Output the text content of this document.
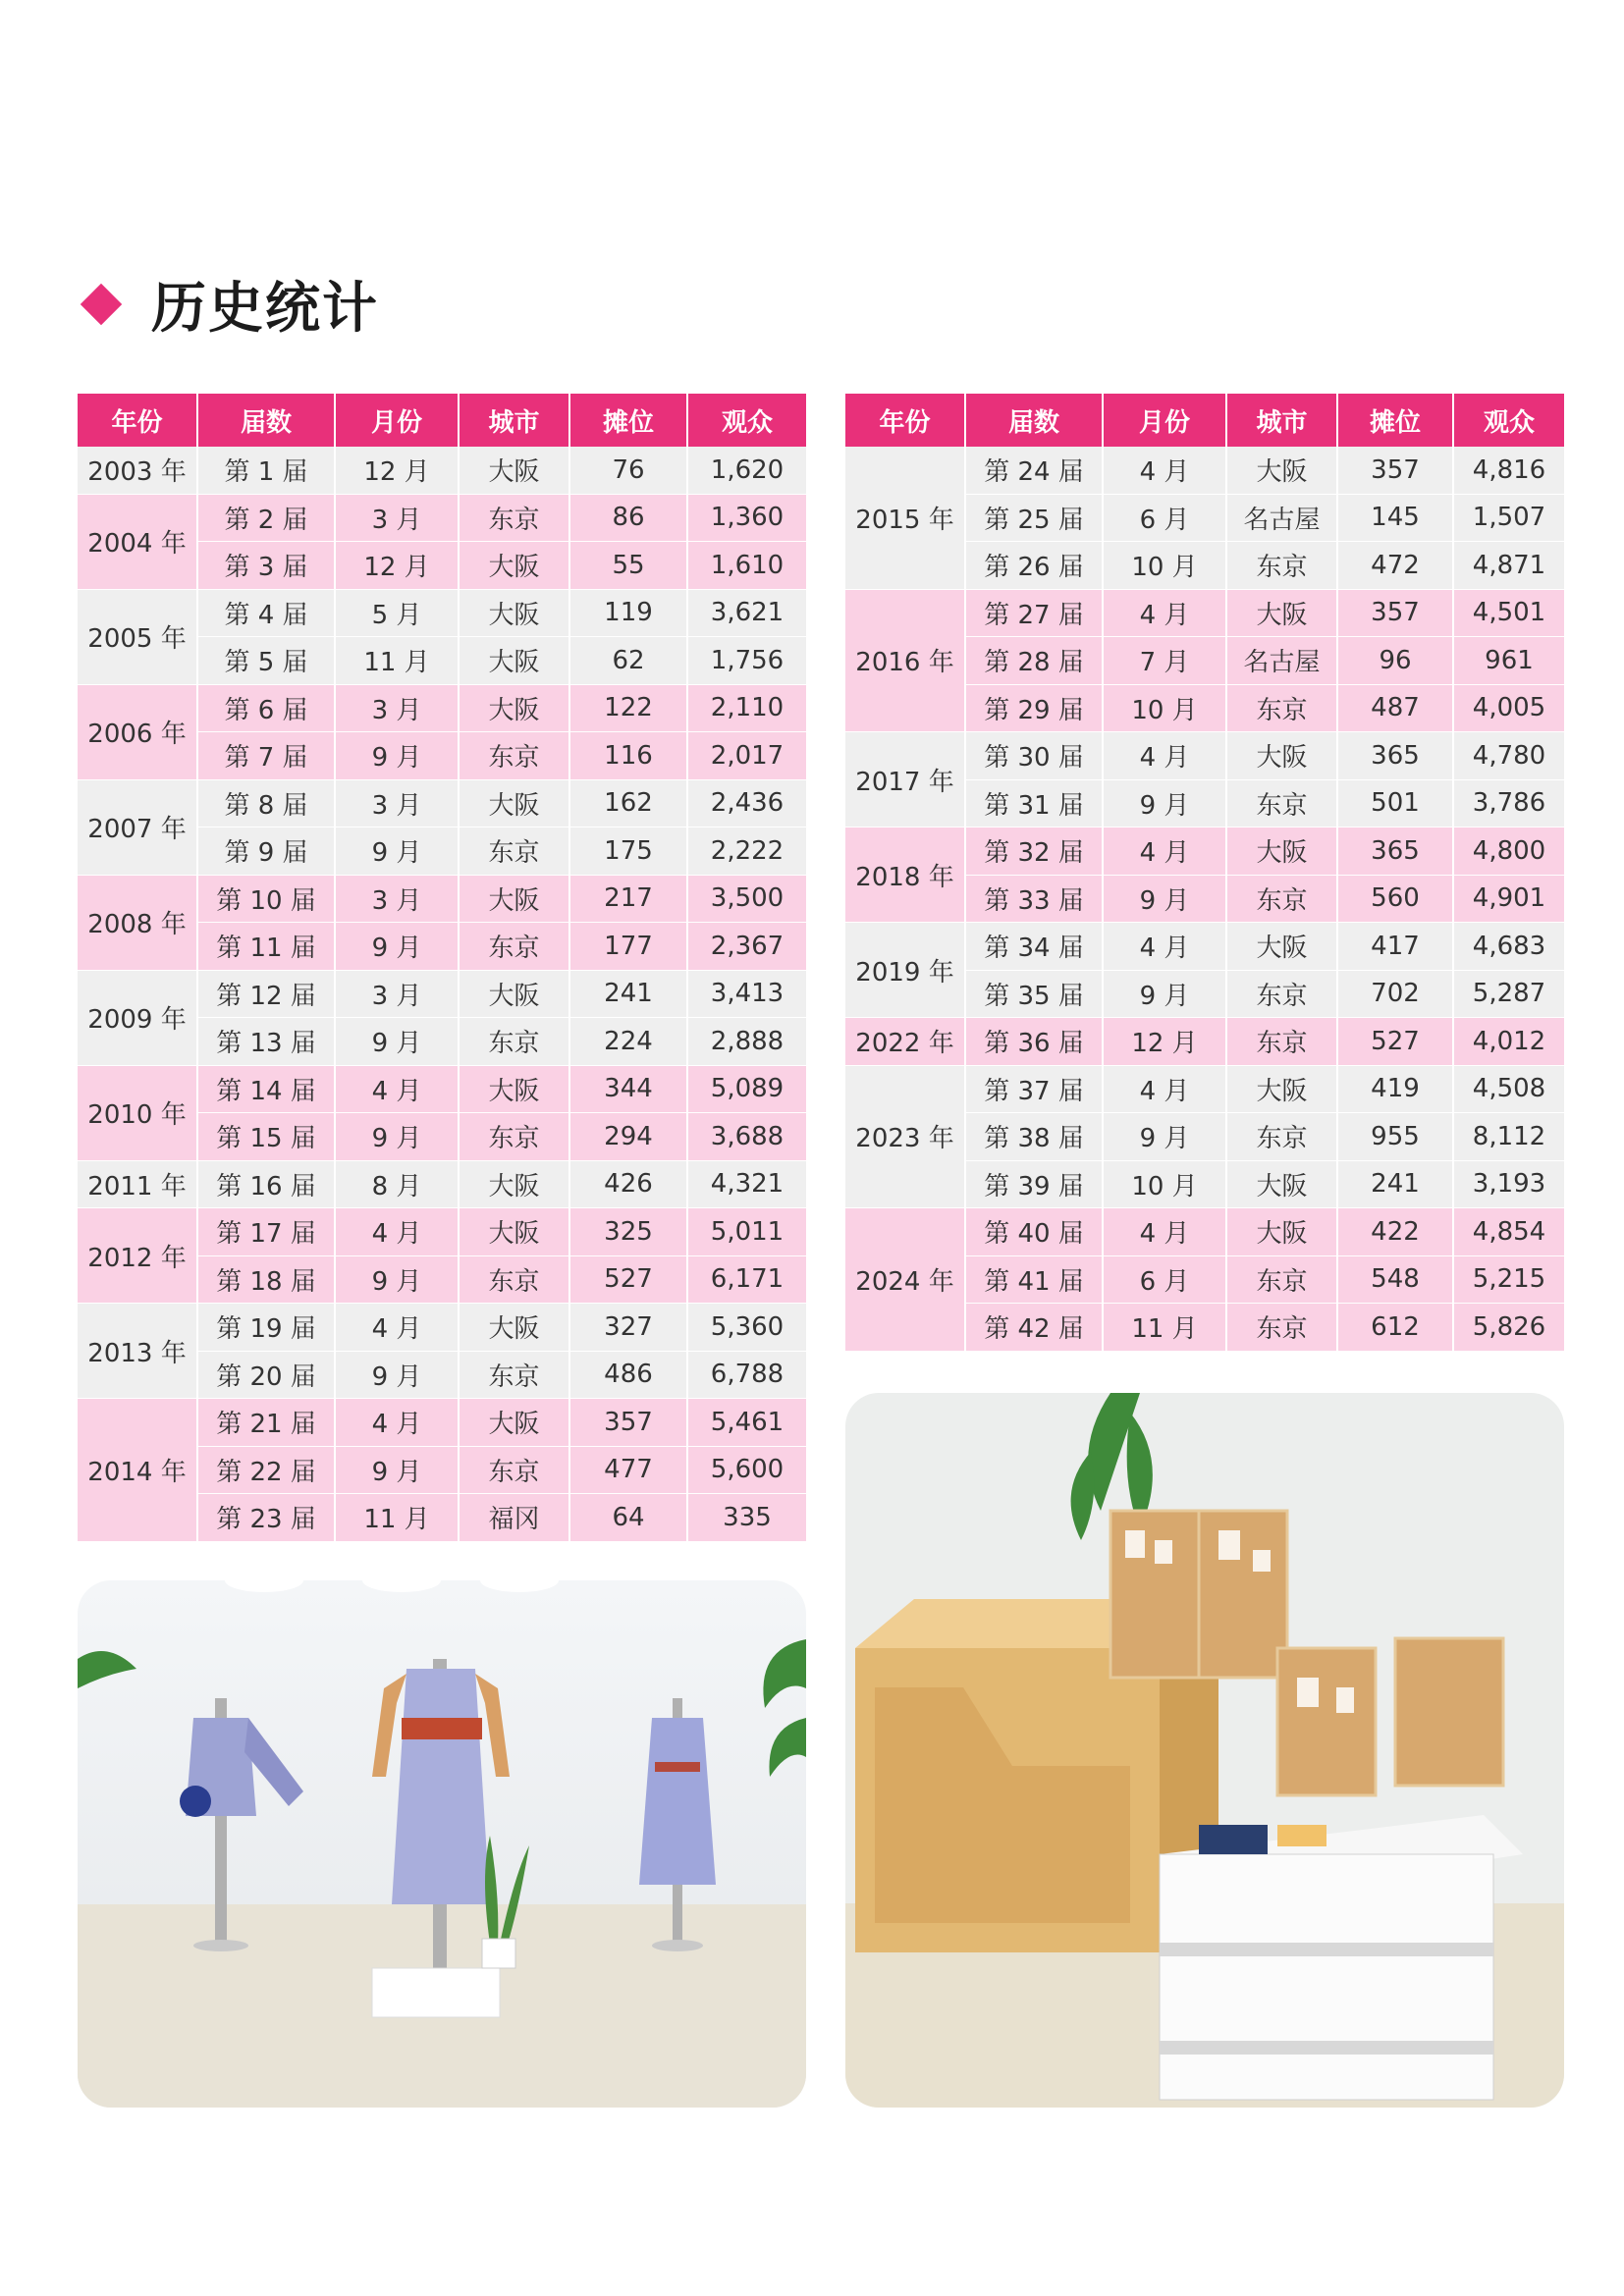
历史统计
年份	届数	月份	城市	摊位	观众
2003 年	第 1 届	12 月	大阪	76	1,620
2004 年	第 2 届	3 月	东京	86	1,360
	第 3 届	12 月	大阪	55	1,610
2005 年	第 4 届	5 月	大阪	119	3,621
	第 5 届	11 月	大阪	62	1,756
2006 年	第 6 届	3 月	大阪	122	2,110
	第 7 届	9 月	东京	116	2,017
2007 年	第 8 届	3 月	大阪	162	2,436
	第 9 届	9 月	东京	175	2,222
2008 年	第 10 届	3 月	大阪	217	3,500
	第 11 届	9 月	东京	177	2,367
2009 年	第 12 届	3 月	大阪	241	3,413
	第 13 届	9 月	东京	224	2,888
2010 年	第 14 届	4 月	大阪	344	5,089
	第 15 届	9 月	东京	294	3,688
2011 年	第 16 届	8 月	大阪	426	4,321
2012 年	第 17 届	4 月	大阪	325	5,011
	第 18 届	9 月	东京	527	6,171
2013 年	第 19 届	4 月	大阪	327	5,360
	第 20 届	9 月	东京	486	6,788
2014 年	第 21 届	4 月	大阪	357	5,461
	第 22 届	9 月	东京	477	5,600
	第 23 届	11 月	福冈	64	335
年份	届数	月份	城市	摊位	观众
2015 年	第 24 届	4 月	大阪	357	4,816
	第 25 届	6 月	名古屋	145	1,507
	第 26 届	10 月	东京	472	4,871
2016 年	第 27 届	4 月	大阪	357	4,501
	第 28 届	7 月	名古屋	96	961
	第 29 届	10 月	东京	487	4,005
2017 年	第 30 届	4 月	大阪	365	4,780
	第 31 届	9 月	东京	501	3,786
2018 年	第 32 届	4 月	大阪	365	4,800
	第 33 届	9 月	东京	560	4,901
2019 年	第 34 届	4 月	大阪	417	4,683
	第 35 届	9 月	东京	702	5,287
2022 年	第 36 届	12 月	东京	527	4,012
2023 年	第 37 届	4 月	大阪	419	4,508
	第 38 届	9 月	东京	955	8,112
	第 39 届	10 月	大阪	241	3,193
2024 年	第 40 届	4 月	大阪	422	4,854
	第 41 届	6 月	东京	548	5,215
	第 42 届	11 月	东京	612	5,826
